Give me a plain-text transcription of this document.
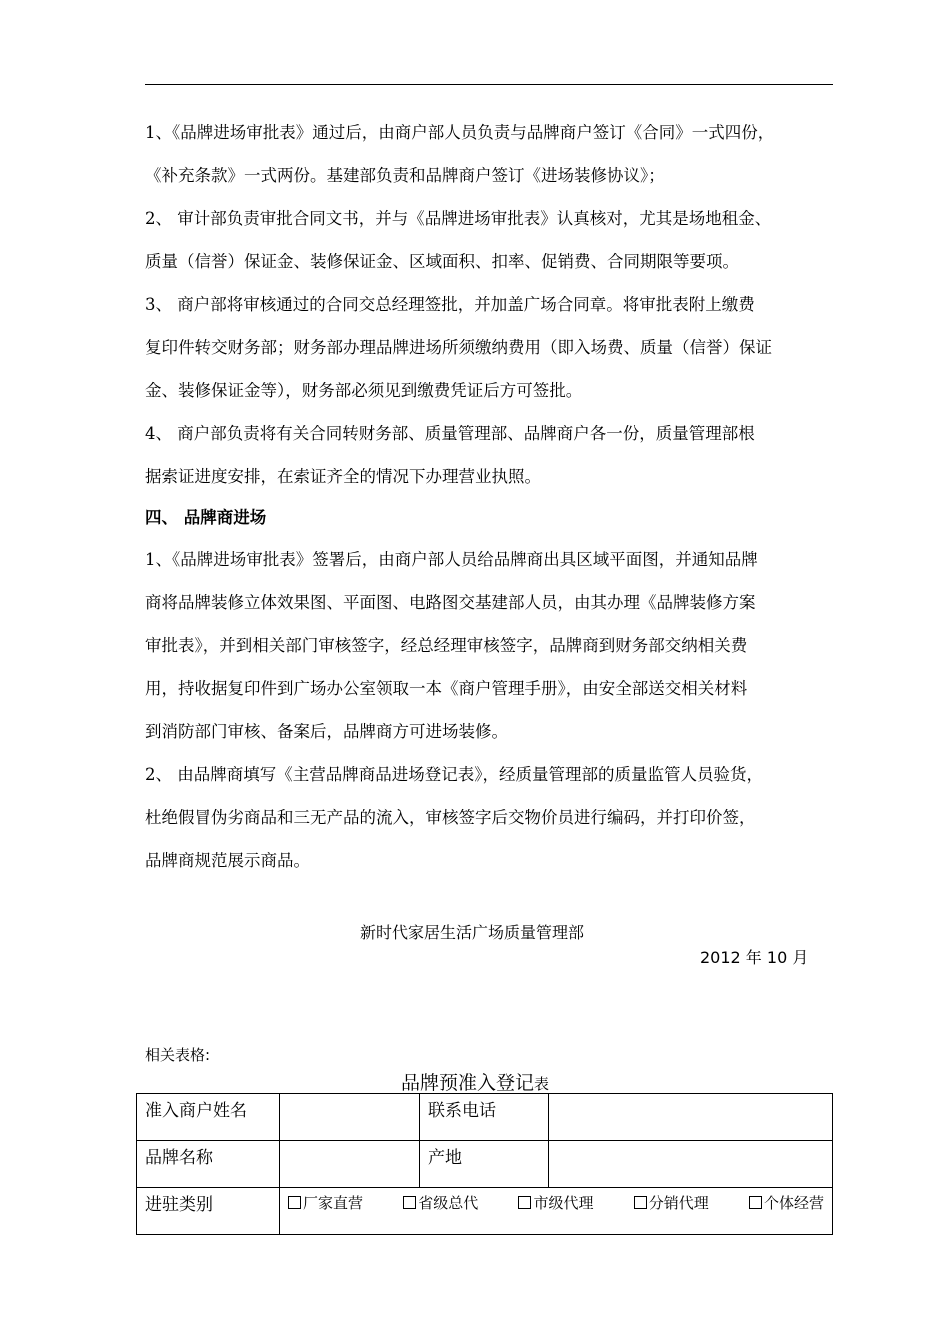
1、《品牌进场审批表》通过后，由商户部人员负责与品牌商户签订《合同》一式四份，
《补充条款》一式两份。基建部负责和品牌商户签订《进场装修协议》；
2、 审计部负责审批合同文书，并与《品牌进场审批表》认真核对，尤其是场地租金、
质量（信誉）保证金、装修保证金、区域面积、扣率、促销费、合同期限等要项。
3、 商户部将审核通过的合同交总经理签批，并加盖广场合同章。将审批表附上缴费
复印件转交财务部；财务部办理品牌进场所须缴纳费用（即入场费、质量（信誉）保证
金、装修保证金等），财务部必须见到缴费凭证后方可签批。
4、 商户部负责将有关合同转财务部、质量管理部、品牌商户各一份，质量管理部根
据索证进度安排，在索证齐全的情况下办理营业执照。
四、 品牌商进场
1、《品牌进场审批表》签署后，由商户部人员给品牌商出具区域平面图，并通知品牌
商将品牌装修立体效果图、平面图、电路图交基建部人员，由其办理《品牌装修方案
审批表》，并到相关部门审核签字，经总经理审核签字，品牌商到财务部交纳相关费
用，持收据复印件到广场办公室领取一本《商户管理手册》，由安全部送交相关材料
到消防部门审核、备案后，品牌商方可进场装修。
2、 由品牌商填写《主营品牌商品进场登记表》，经质量管理部的质量监管人员验货，
杜绝假冒伪劣商品和三无产品的流入，审核签字后交物价员进行编码，并打印价签，
品牌商规范展示商品。
新时代家居生活广场质量管理部
2012 年 10 月
相关表格:
品牌预准入登记表
准入商户姓名		联系电话	
品牌名称		产地	
进驻类别	厂家直营 省级总代 市级代理 分销代理 个体经营		
